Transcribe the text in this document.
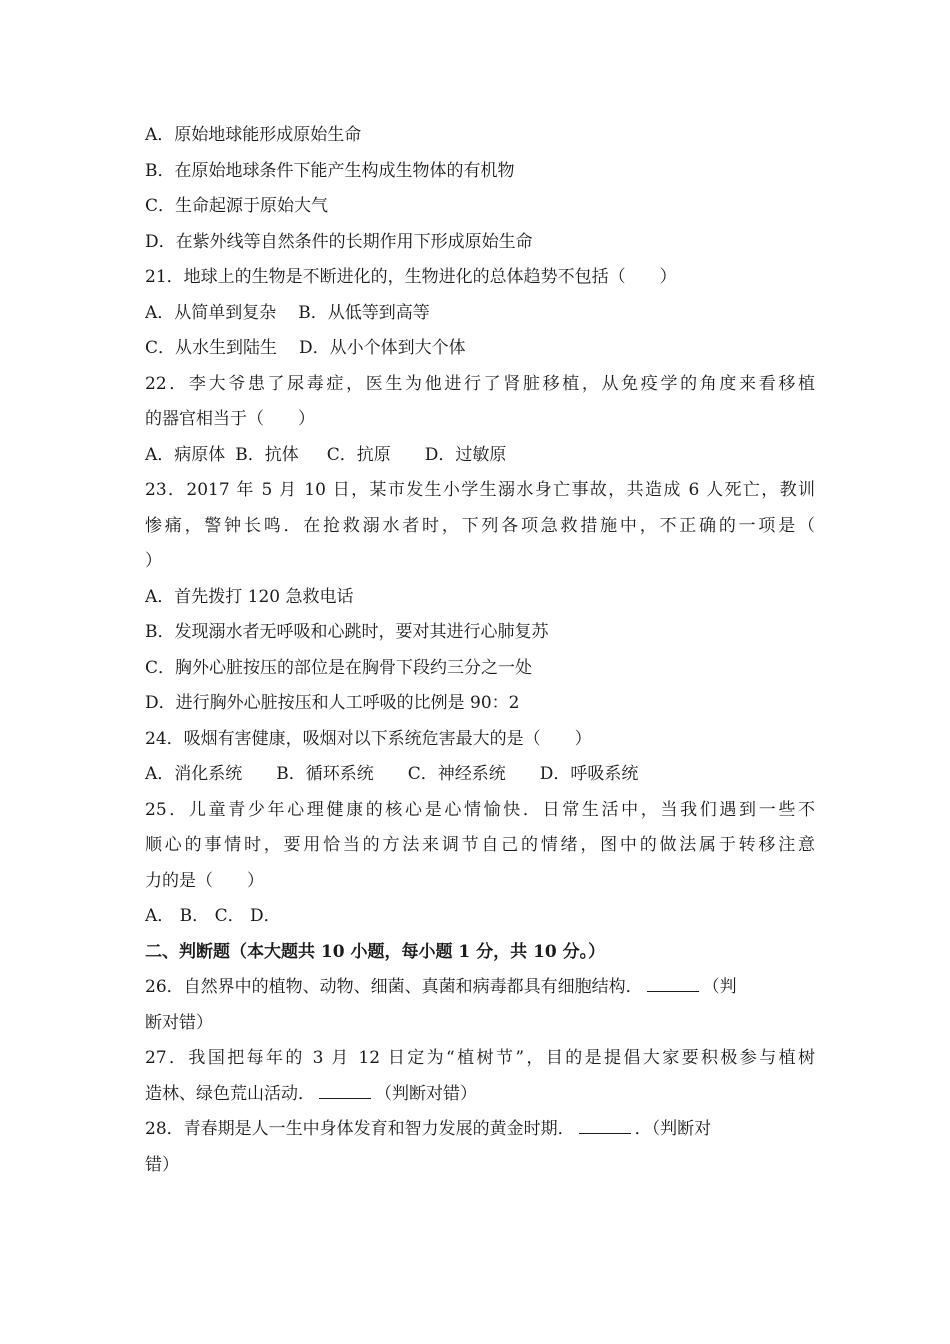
A．原始地球能形成原始生命
B．在原始地球条件下能产生构成生物体的有机物
C．生命起源于原始大气
D．在紫外线等自然条件的长期作用下形成原始生命
21．地球上的生物是不断进化的，生物进化的总体趋势不包括（　　）
A．从简单到复杂 B．从低等到高等
C．从水生到陆生 D．从小个体到大个体
22．李大爷患了尿毒症，医生为他进行了肾脏移植，从免疫学的角度来看移植
的器官相当于（　　）
A．病原体 B．抗体 C．抗原 D．过敏原
23．2017 年 5 月 10 日，某市发生小学生溺水身亡事故，共造成 6 人死亡，教训
惨痛，警钟长鸣．在抢救溺水者时，下列各项急救措施中，不正确的一项是（
）
A．首先拨打 120 急救电话
B．发现溺水者无呼吸和心跳时，要对其进行心肺复苏
C．胸外心脏按压的部位是在胸骨下段约三分之一处
D．进行胸外心脏按压和人工呼吸的比例是 90：2
24．吸烟有害健康，吸烟对以下系统危害最大的是（　　）
A．消化系统 B．循环系统 C．神经系统 D．呼吸系统
25．儿童青少年心理健康的核心是心情愉快．日常生活中，当我们遇到一些不
顺心的事情时，要用恰当的方法来调节自己的情绪，图中的做法属于转移注意
力的是（　　）
A． B． C． D．
二、判断题（本大题共 10 小题，每小题 1 分，共 10 分。）
26．自然界中的植物、动物、细菌、真菌和病毒都具有细胞结构．	（判
断对错）
27．我国把每年的 3 月 12 日定为“植树节”，目的是提倡大家要积极参与植树
造林、绿色荒山活动．	（判断对错）
28．青春期是人一生中身体发育和智力发展的黄金时期．	．（判断对
错）
